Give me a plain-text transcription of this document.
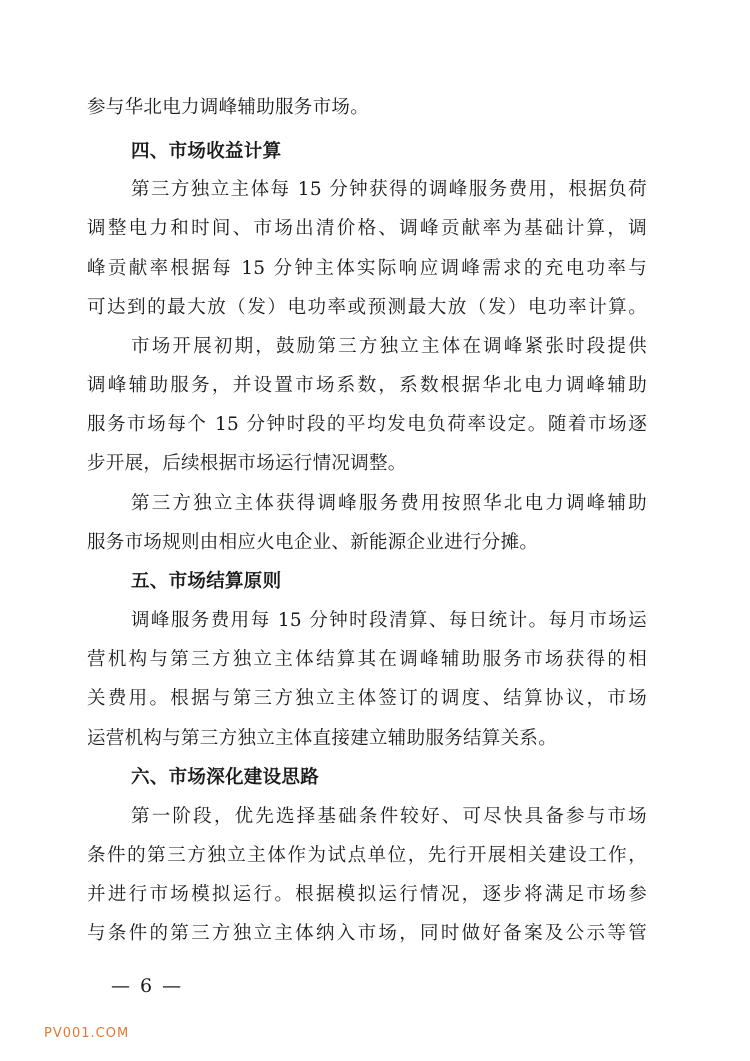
参与华北电力调峰辅助服务市场。
四、市场收益计算
第三方独立主体每 15 分钟获得的调峰服务费用，根据负荷
调整电力和时间、市场出清价格、调峰贡献率为基础计算，调
峰贡献率根据每 15 分钟主体实际响应调峰需求的充电功率与
可达到的最大放（发）电功率或预测最大放（发）电功率计算。
市场开展初期，鼓励第三方独立主体在调峰紧张时段提供
调峰辅助服务，并设置市场系数，系数根据华北电力调峰辅助
服务市场每个 15 分钟时段的平均发电负荷率设定。随着市场逐
步开展，后续根据市场运行情况调整。
第三方独立主体获得调峰服务费用按照华北电力调峰辅助
服务市场规则由相应火电企业、新能源企业进行分摊。
五、市场结算原则
调峰服务费用每 15 分钟时段清算、每日统计。每月市场运
营机构与第三方独立主体结算其在调峰辅助服务市场获得的相
关费用。根据与第三方独立主体签订的调度、结算协议，市场
运营机构与第三方独立主体直接建立辅助服务结算关系。
六、市场深化建设思路
第一阶段，优先选择基础条件较好、可尽快具备参与市场
条件的第三方独立主体作为试点单位，先行开展相关建设工作，
并进行市场模拟运行。根据模拟运行情况，逐步将满足市场参
与条件的第三方独立主体纳入市场，同时做好备案及公示等管
— 6 —
PV001.COM
